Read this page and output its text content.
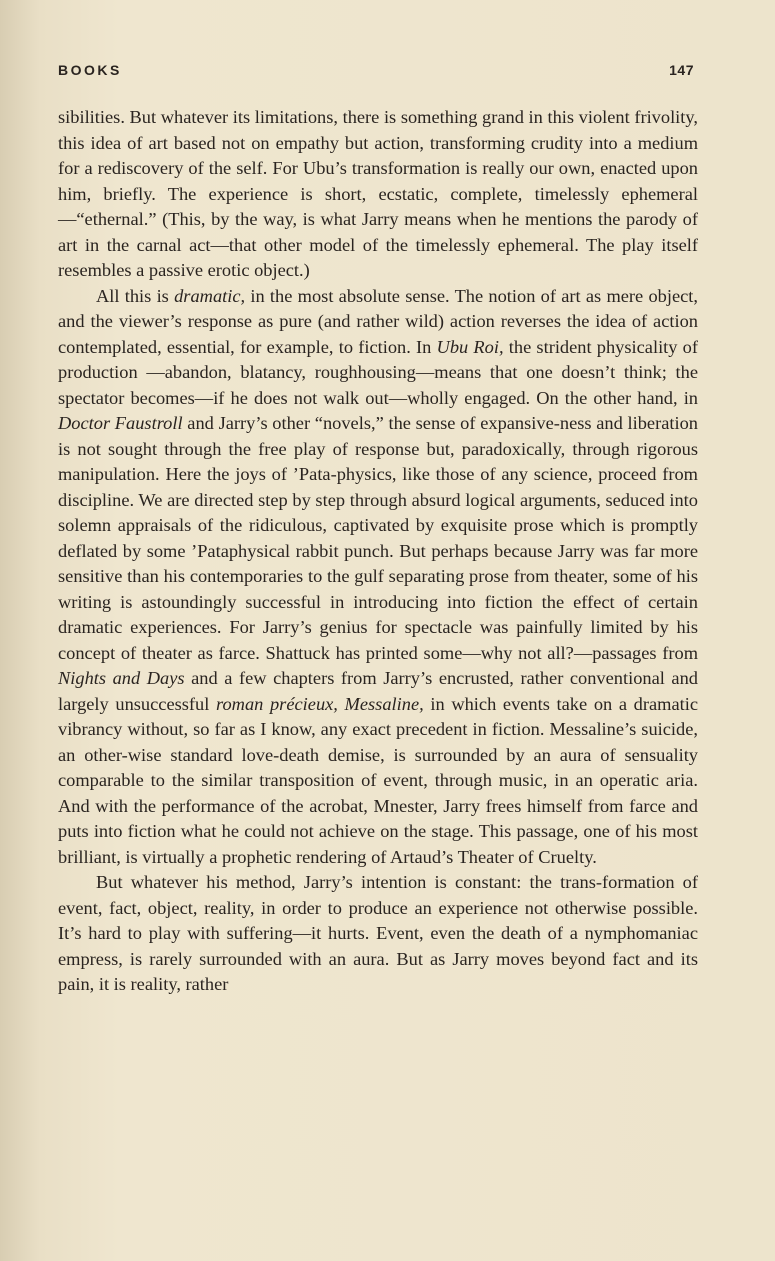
BOOKS	147

sibilities. But whatever its limitations, there is something grand in this violent frivolity, this idea of art based not on empathy but action, transforming crudity into a medium for a rediscovery of the self. For Ubu’s transformation is really our own, enacted upon him, briefly. The experience is short, ecstatic, complete, timelessly ephemeral—“ethernal.” (This, by the way, is what Jarry means when he mentions the parody of art in the carnal act—that other model of the timelessly ephemeral. The play itself resembles a passive erotic object.)

All this is dramatic, in the most absolute sense. The notion of art as mere object, and the viewer’s response as pure (and rather wild) action reverses the idea of action contemplated, essential, for example, to fiction. In Ubu Roi, the strident physicality of production —abandon, blatancy, roughhousing—means that one doesn’t think; the spectator becomes—if he does not walk out—wholly engaged. On the other hand, in Doctor Faustroll and Jarry’s other “novels,” the sense of expansive-ness and liberation is not sought through the free play of response but, paradoxically, through rigorous manipulation. Here the joys of ’Pata-physics, like those of any science, proceed from discipline. We are directed step by step through absurd logical arguments, seduced into solemn appraisals of the ridiculous, captivated by exquisite prose which is promptly deflated by some ’Pataphysical rabbit punch. But perhaps because Jarry was far more sensitive than his contemporaries to the gulf separating prose from theater, some of his writing is astoundingly successful in introducing into fiction the effect of certain dramatic experiences. For Jarry’s genius for spectacle was painfully limited by his concept of theater as farce. Shattuck has printed some—why not all?—passages from Nights and Days and a few chapters from Jarry’s encrusted, rather conventional and largely unsuccessful roman précieux, Messaline, in which events take on a dramatic vibrancy without, so far as I know, any exact precedent in fiction. Messaline’s suicide, an other-wise standard love-death demise, is surrounded by an aura of sensuality comparable to the similar transposition of event, through music, in an operatic aria. And with the performance of the acrobat, Mnester, Jarry frees himself from farce and puts into fiction what he could not achieve on the stage. This passage, one of his most brilliant, is virtually a prophetic rendering of Artaud’s Theater of Cruelty.

But whatever his method, Jarry’s intention is constant: the trans-formation of event, fact, object, reality, in order to produce an experience not otherwise possible. It’s hard to play with suffering—it hurts. Event, even the death of a nymphomaniac empress, is rarely surrounded with an aura. But as Jarry moves beyond fact and its pain, it is reality, rather
